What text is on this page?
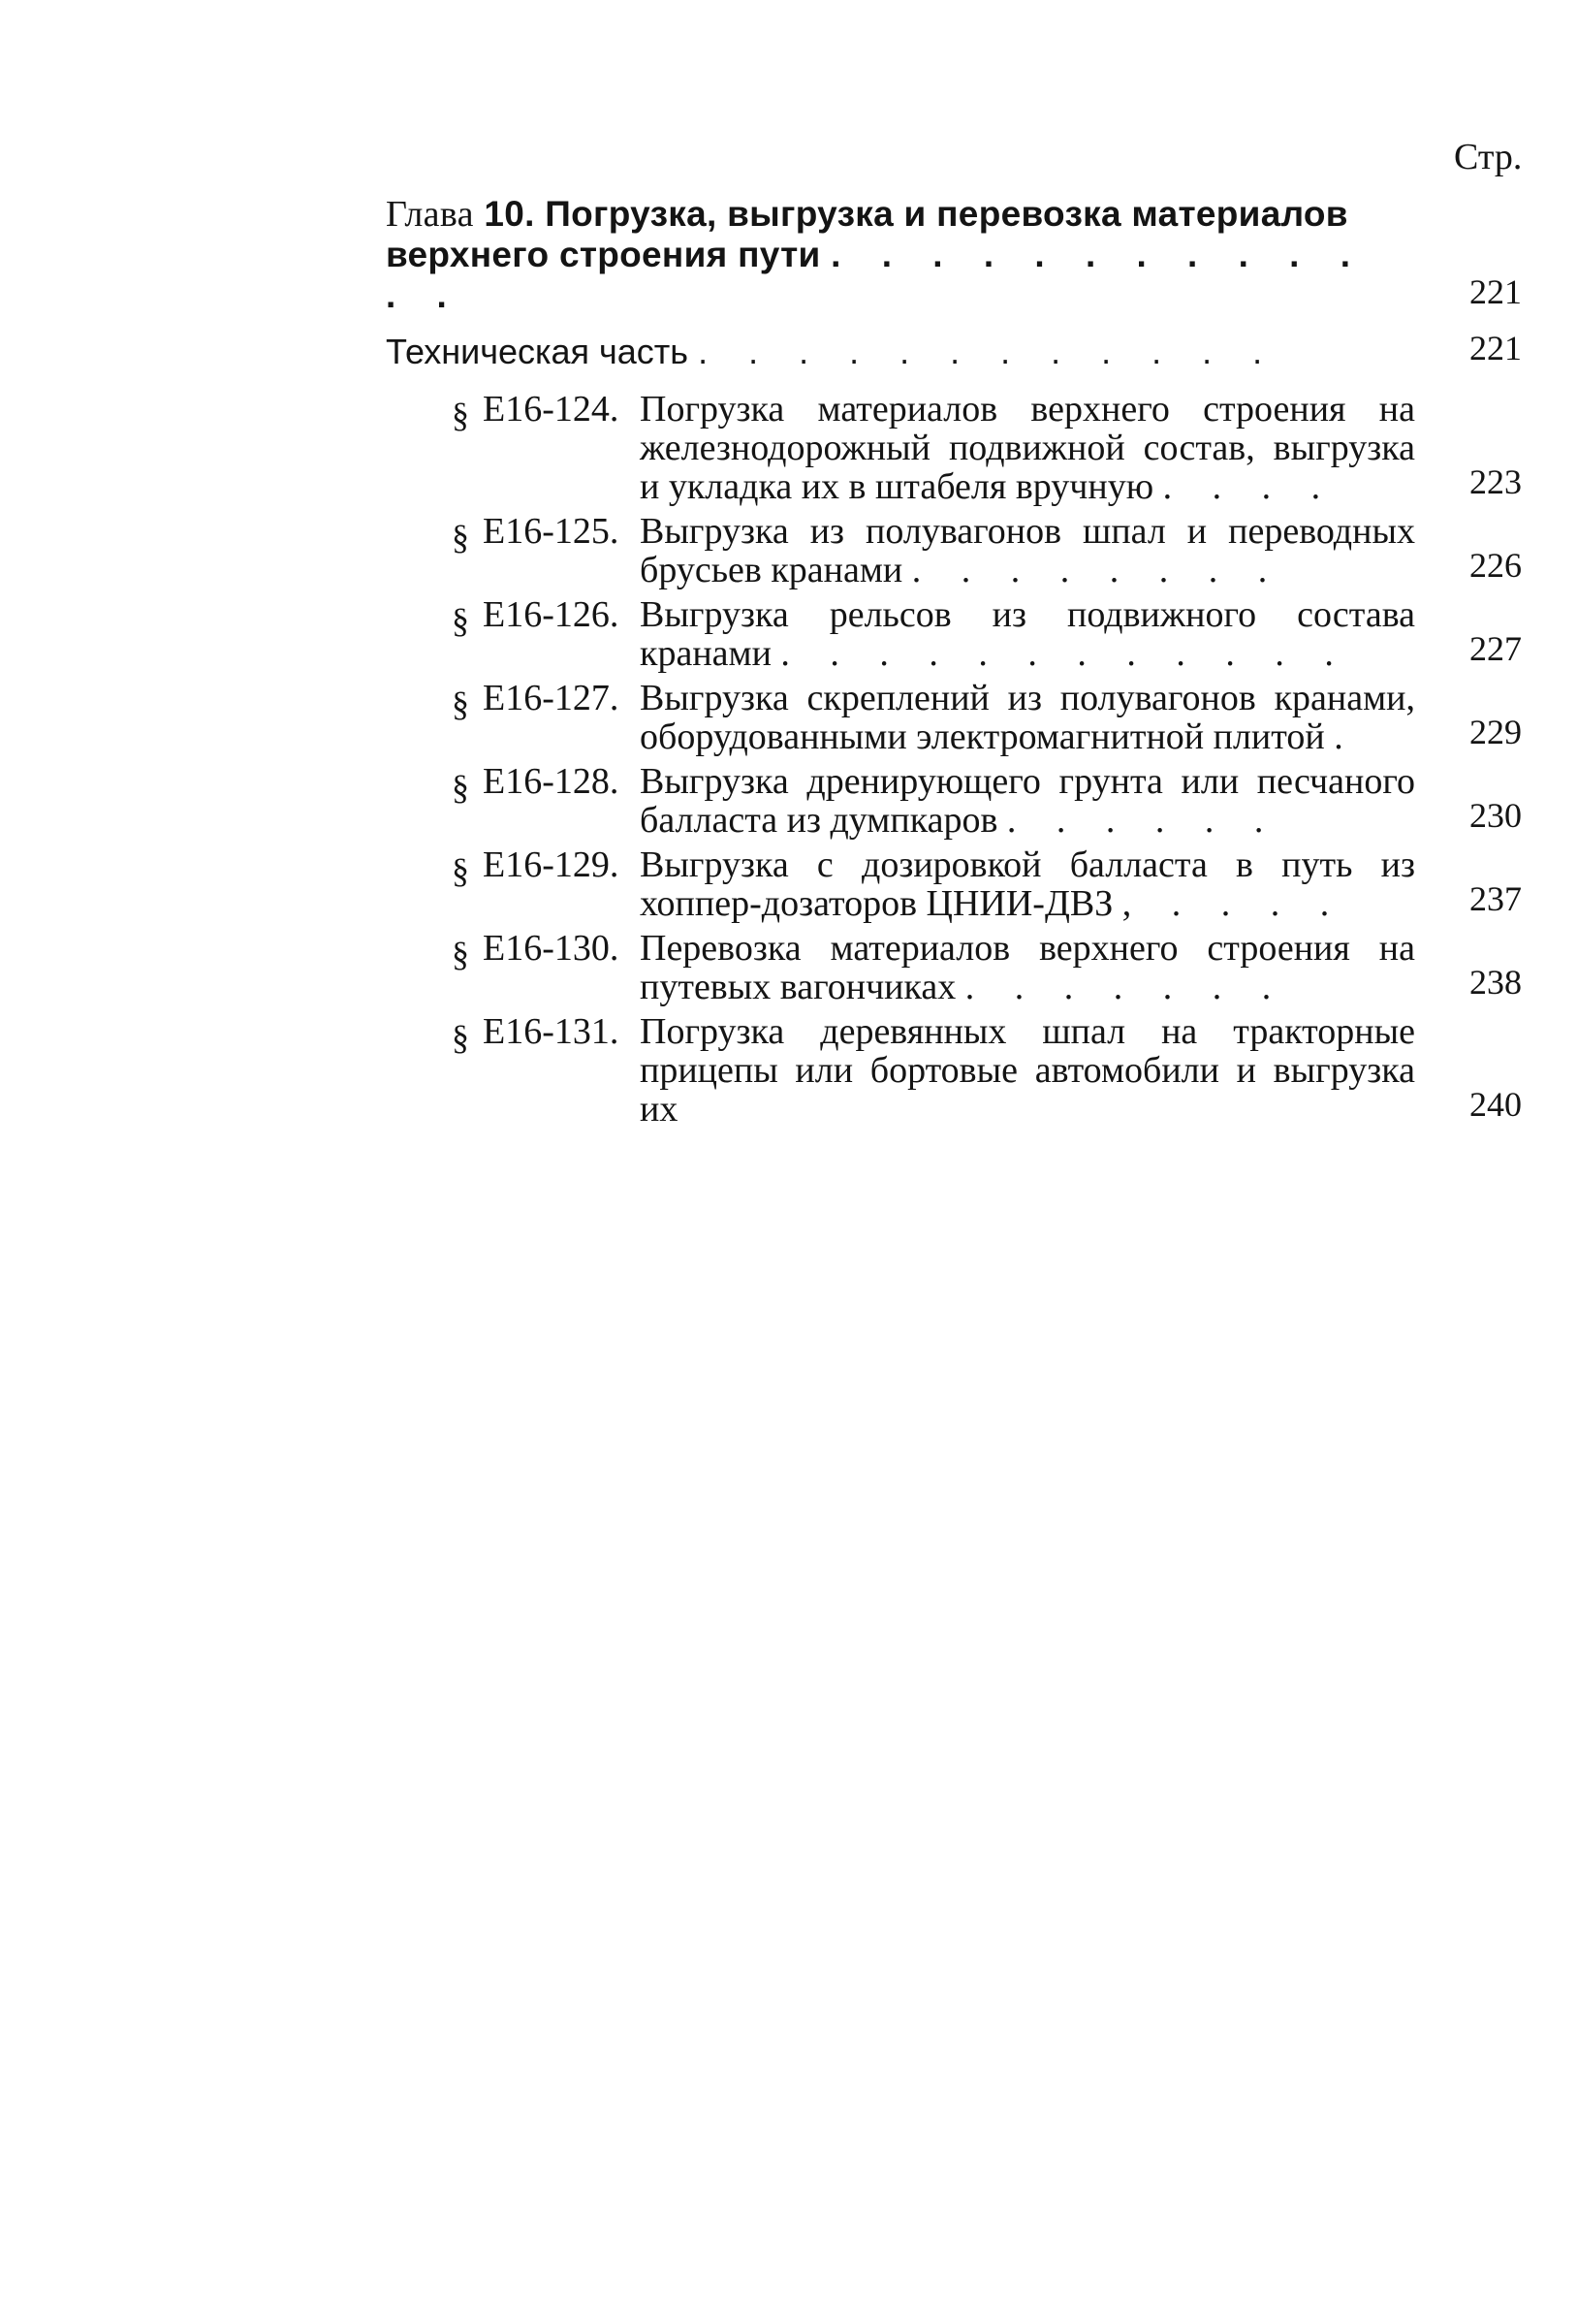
Стр.
Глава 10. Погрузка, выгрузка и перевозка материалов верхнего строения пути . . . . . . . . . . . . .	221
Техническая часть . . . . . . . . . . . .	221
§ Е16-124. Погрузка материалов верхнего строения на железнодорожный подвижной состав, выгрузка и укладка их в штабеля вручную . . . .	223
§ Е16-125. Выгрузка из полувагонов шпал и переводных брусьев кранами . . . . . . . .	226
§ Е16-126. Выгрузка рельсов из подвижного состава кранами . . . . . . . . . . . .	227
§ Е16-127. Выгрузка скреплений из полувагонов кранами, оборудованными электромагнитной плитой .	229
§ Е16-128. Выгрузка дренирующего грунта или песчаного балласта из думпкаров . . . . . .	230
§ Е16-129. Выгрузка с дозировкой балласта в путь из хоппер-дозаторов ЦНИИ-ДВЗ , . . . .	237
§ Е16-130. Перевозка материалов верхнего строения на путевых вагончиках . . . . . . .	238
§ Е16-131. Погрузка деревянных шпал на тракторные прицепы или бортовые автомобили и выгрузка их	240
